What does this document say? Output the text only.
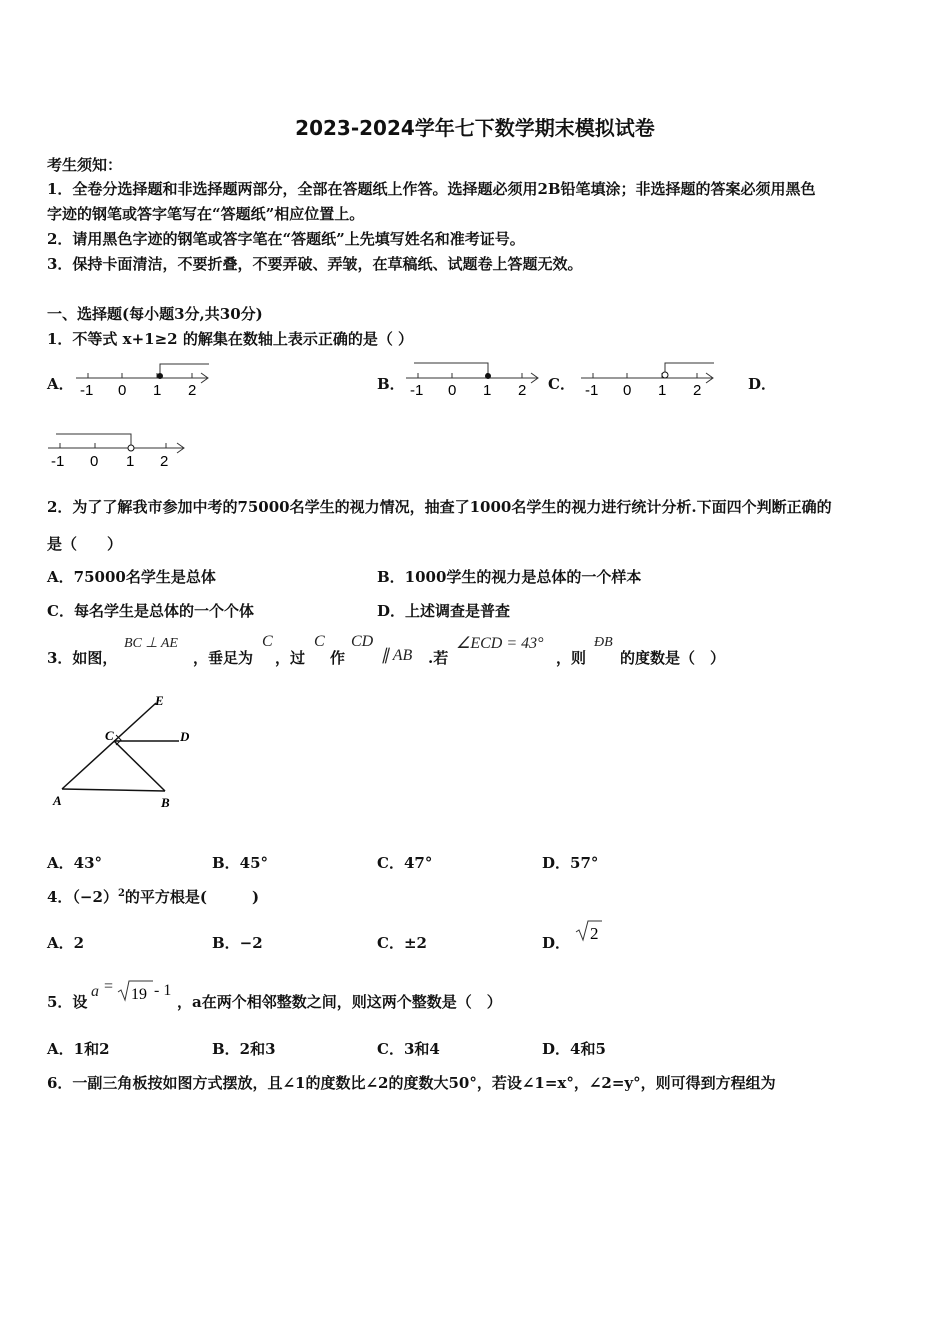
2023-2024学年七下数学期末模拟试卷
考生须知：
1．全卷分选择题和非选择题两部分，全部在答题纸上作答。选择题必须用2B铅笔填涂；非选择题的答案必须用黑色
字迹的钢笔或答字笔写在“答题纸”相应位置上。
2．请用黑色字迹的钢笔或答字笔在“答题纸”上先填写姓名和准考证号。
3．保持卡面清洁，不要折叠，不要弄破、弄皱，在草稿纸、试题卷上答题无效。
一、选择题(每小题3分,共30分)
1．不等式 x+1≥2 的解集在数轴上表示正确的是（ ）
A．	B．	C．	D．
-1 0 1 2	-1 0 1 2	-1 0 1 2
-1 0 1 2
2．为了了解我市参加中考的75000名学生的视力情况，抽查了1000名学生的视力进行统计分析.下面四个判断正确的
是（　　）
A．75000名学生是总体	B．1000学生的视力是总体的一个样本
C．每名学生是总体的一个个体	D．上述调查是普查
3．如图，
BC ⊥ AE
，垂足为
C
，过
C
作
CD
∥ AB .若
∠ECD = 43°
，则
ÐB
的度数是（　）
E
C	D
A	B
A．43°	B．45°	C．47°	D．57°
4．$(-2)^2$的平方根是(　　　)
A．2	B．−2	C．±2	D． 2
5．设
a = 19 - 1
，a在两个相邻整数之间，则这两个整数是（　）
A．1和2	B．2和3	C．3和4	D．4和5
6．一副三角板按如图方式摆放，且∠1的度数比∠2的度数大50°，若设∠1=x°，∠2=y°，则可得到方程组为
